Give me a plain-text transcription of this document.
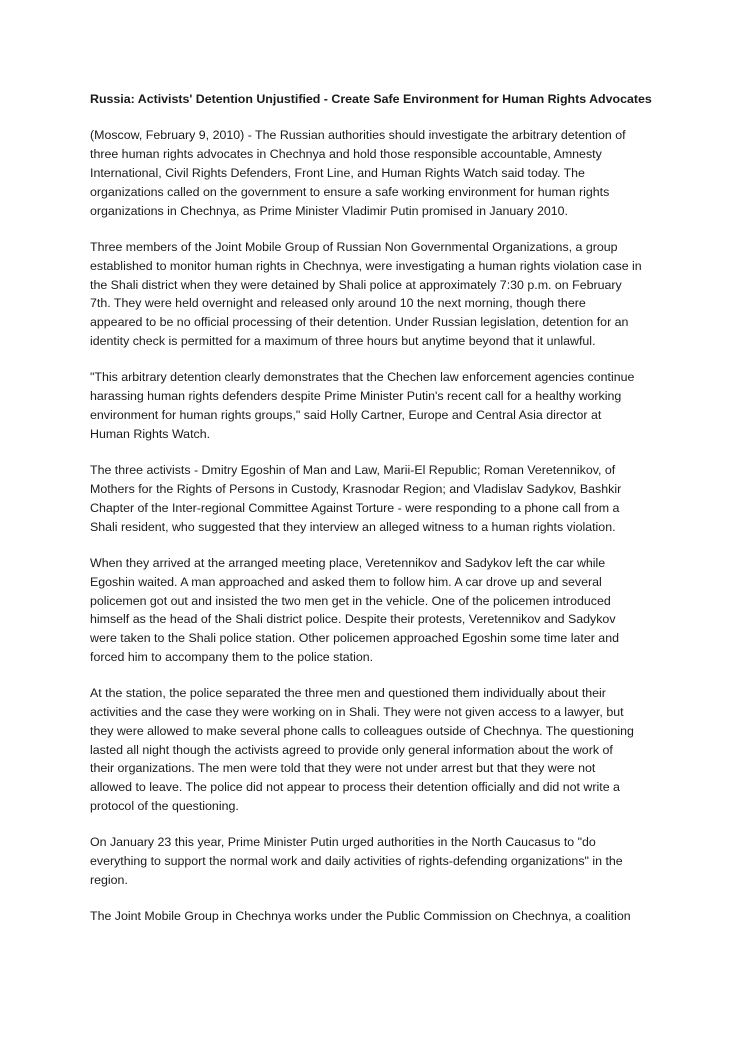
Russia: Activists' Detention Unjustified - Create Safe Environment for Human Rights Advocates
(Moscow, February 9, 2010) - The Russian authorities should investigate the arbitrary detention of
three human rights advocates in Chechnya and hold those responsible accountable, Amnesty
International, Civil Rights Defenders, Front Line, and Human Rights Watch said today. The
organizations called on the government to ensure a safe working environment for human rights
organizations in Chechnya, as Prime Minister Vladimir Putin promised in January 2010.
Three members of the Joint Mobile Group of Russian Non Governmental Organizations, a group
established to monitor human rights in Chechnya, were investigating a human rights violation case in
the Shali district when they were detained by Shali police at approximately 7:30 p.m. on February
7th. They were held overnight and released only around 10 the next morning, though there
appeared to be no official processing of their detention. Under Russian legislation, detention for an
identity check is permitted for a maximum of three hours but anytime beyond that it unlawful.
"This arbitrary detention clearly demonstrates that the Chechen law enforcement agencies continue
harassing human rights defenders despite Prime Minister Putin's recent call for a healthy working
environment for human rights groups," said Holly Cartner, Europe and Central Asia director at
Human Rights Watch.
The three activists - Dmitry Egoshin of Man and Law, Marii-El Republic; Roman Veretennikov, of
Mothers for the Rights of Persons in Custody, Krasnodar Region; and Vladislav Sadykov, Bashkir
Chapter of the Inter-regional Committee Against Torture - were responding to a phone call from a
Shali resident, who suggested that they interview an alleged witness to a human rights violation.
When they arrived at the arranged meeting place, Veretennikov and Sadykov left the car while
Egoshin waited. A man approached and asked them to follow him. A car drove up and several
policemen got out and insisted the two men get in the vehicle. One of the policemen introduced
himself as the head of the Shali district police. Despite their protests, Veretennikov and Sadykov
were taken to the Shali police station. Other policemen approached Egoshin some time later and
forced him to accompany them to the police station.
At the station, the police separated the three men and questioned them individually about their
activities and the case they were working on in Shali. They were not given access to a lawyer, but
they were allowed to make several phone calls to colleagues outside of Chechnya. The questioning
lasted all night though the activists agreed to provide only general information about the work of
their organizations. The men were told that they were not under arrest but that they were not
allowed to leave. The police did not appear to process their detention officially and did not write a
protocol of the questioning.
On January 23 this year, Prime Minister Putin urged authorities in the North Caucasus to "do
everything to support the normal work and daily activities of rights-defending organizations" in the
region.
The Joint Mobile Group in Chechnya works under the Public Commission on Chechnya, a coalition
